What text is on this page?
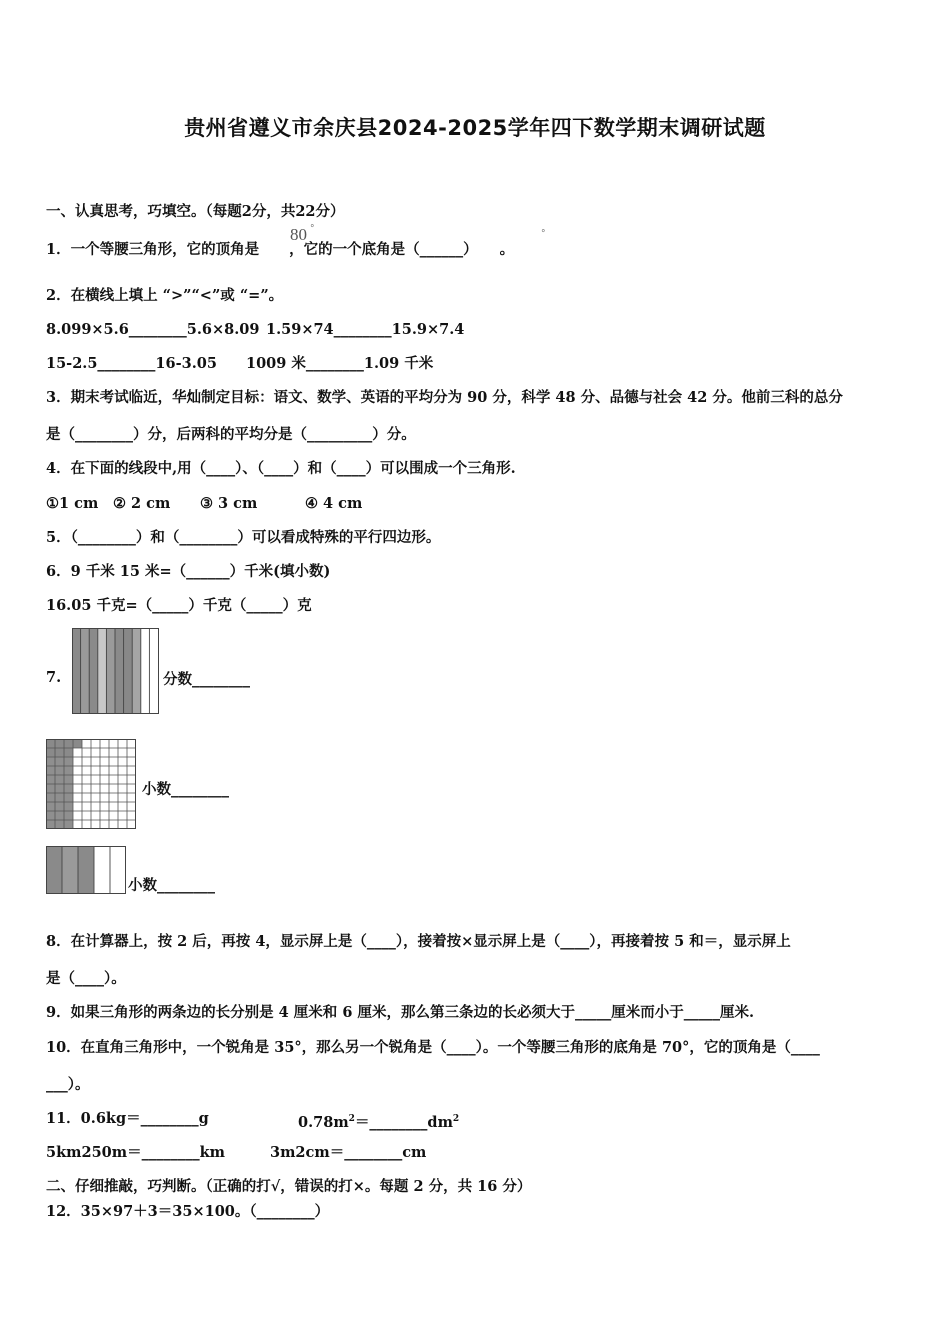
贵州省遵义市余庆县2024-2025学年四下数学期末调研试题
一、认真思考，巧填空。（每题2分，共22分）
1．一个等腰三角形，它的顶角是 ，它的一个底角是（______） 。
80 °	°
2．在横线上填上 “>”“<”或 “=”。
8.099×5.6________5.6×8.09 1.59×74________15.9×7.4
15-2.5________16-3.05 1009 米________1.09 千米
3．期末考试临近，华灿制定目标：语文、数学、英语的平均分为 90 分，科学 48 分、品德与社会 42 分。他前三科的总分
是（________）分，后两科的平均分是（_________）分。
4．在下面的线段中,用（____）、（____）和（____）可以围成一个三角形.
①1 cm ② 2 cm ③ 3 cm	④ 4 cm
5．（________）和（________）可以看成特殊的平行四边形。
6．9 千米 15 米=（______）千米(填小数)
16.05 千克=（_____）千克（_____）克
7.	分数________
小数________
小数________
8．在计算器上，按 2 后，再按 4，显示屏上是（____），接着按×显示屏上是（____），再接着按 5 和＝，显示屏上
是（____）。
9．如果三角形的两条边的长分别是 4 厘米和 6 厘米，那么第三条边的长必须大于_____厘米而小于_____厘米.
10．在直角三角形中，一个锐角是 35°，那么另一个锐角是（____）。一个等腰三角形的底角是 70°，它的顶角是（____
___）。
11．0.6kg＝________g	$0.78m^2=\_\_\_\_\_\_\_\_dm^2$
5km250m＝________km	3m2cm＝________cm
二、仔细推敲，巧判断。（正确的打√，错误的打×。每题 2 分，共 16 分）
12．35×97＋3＝35×100。（________）
